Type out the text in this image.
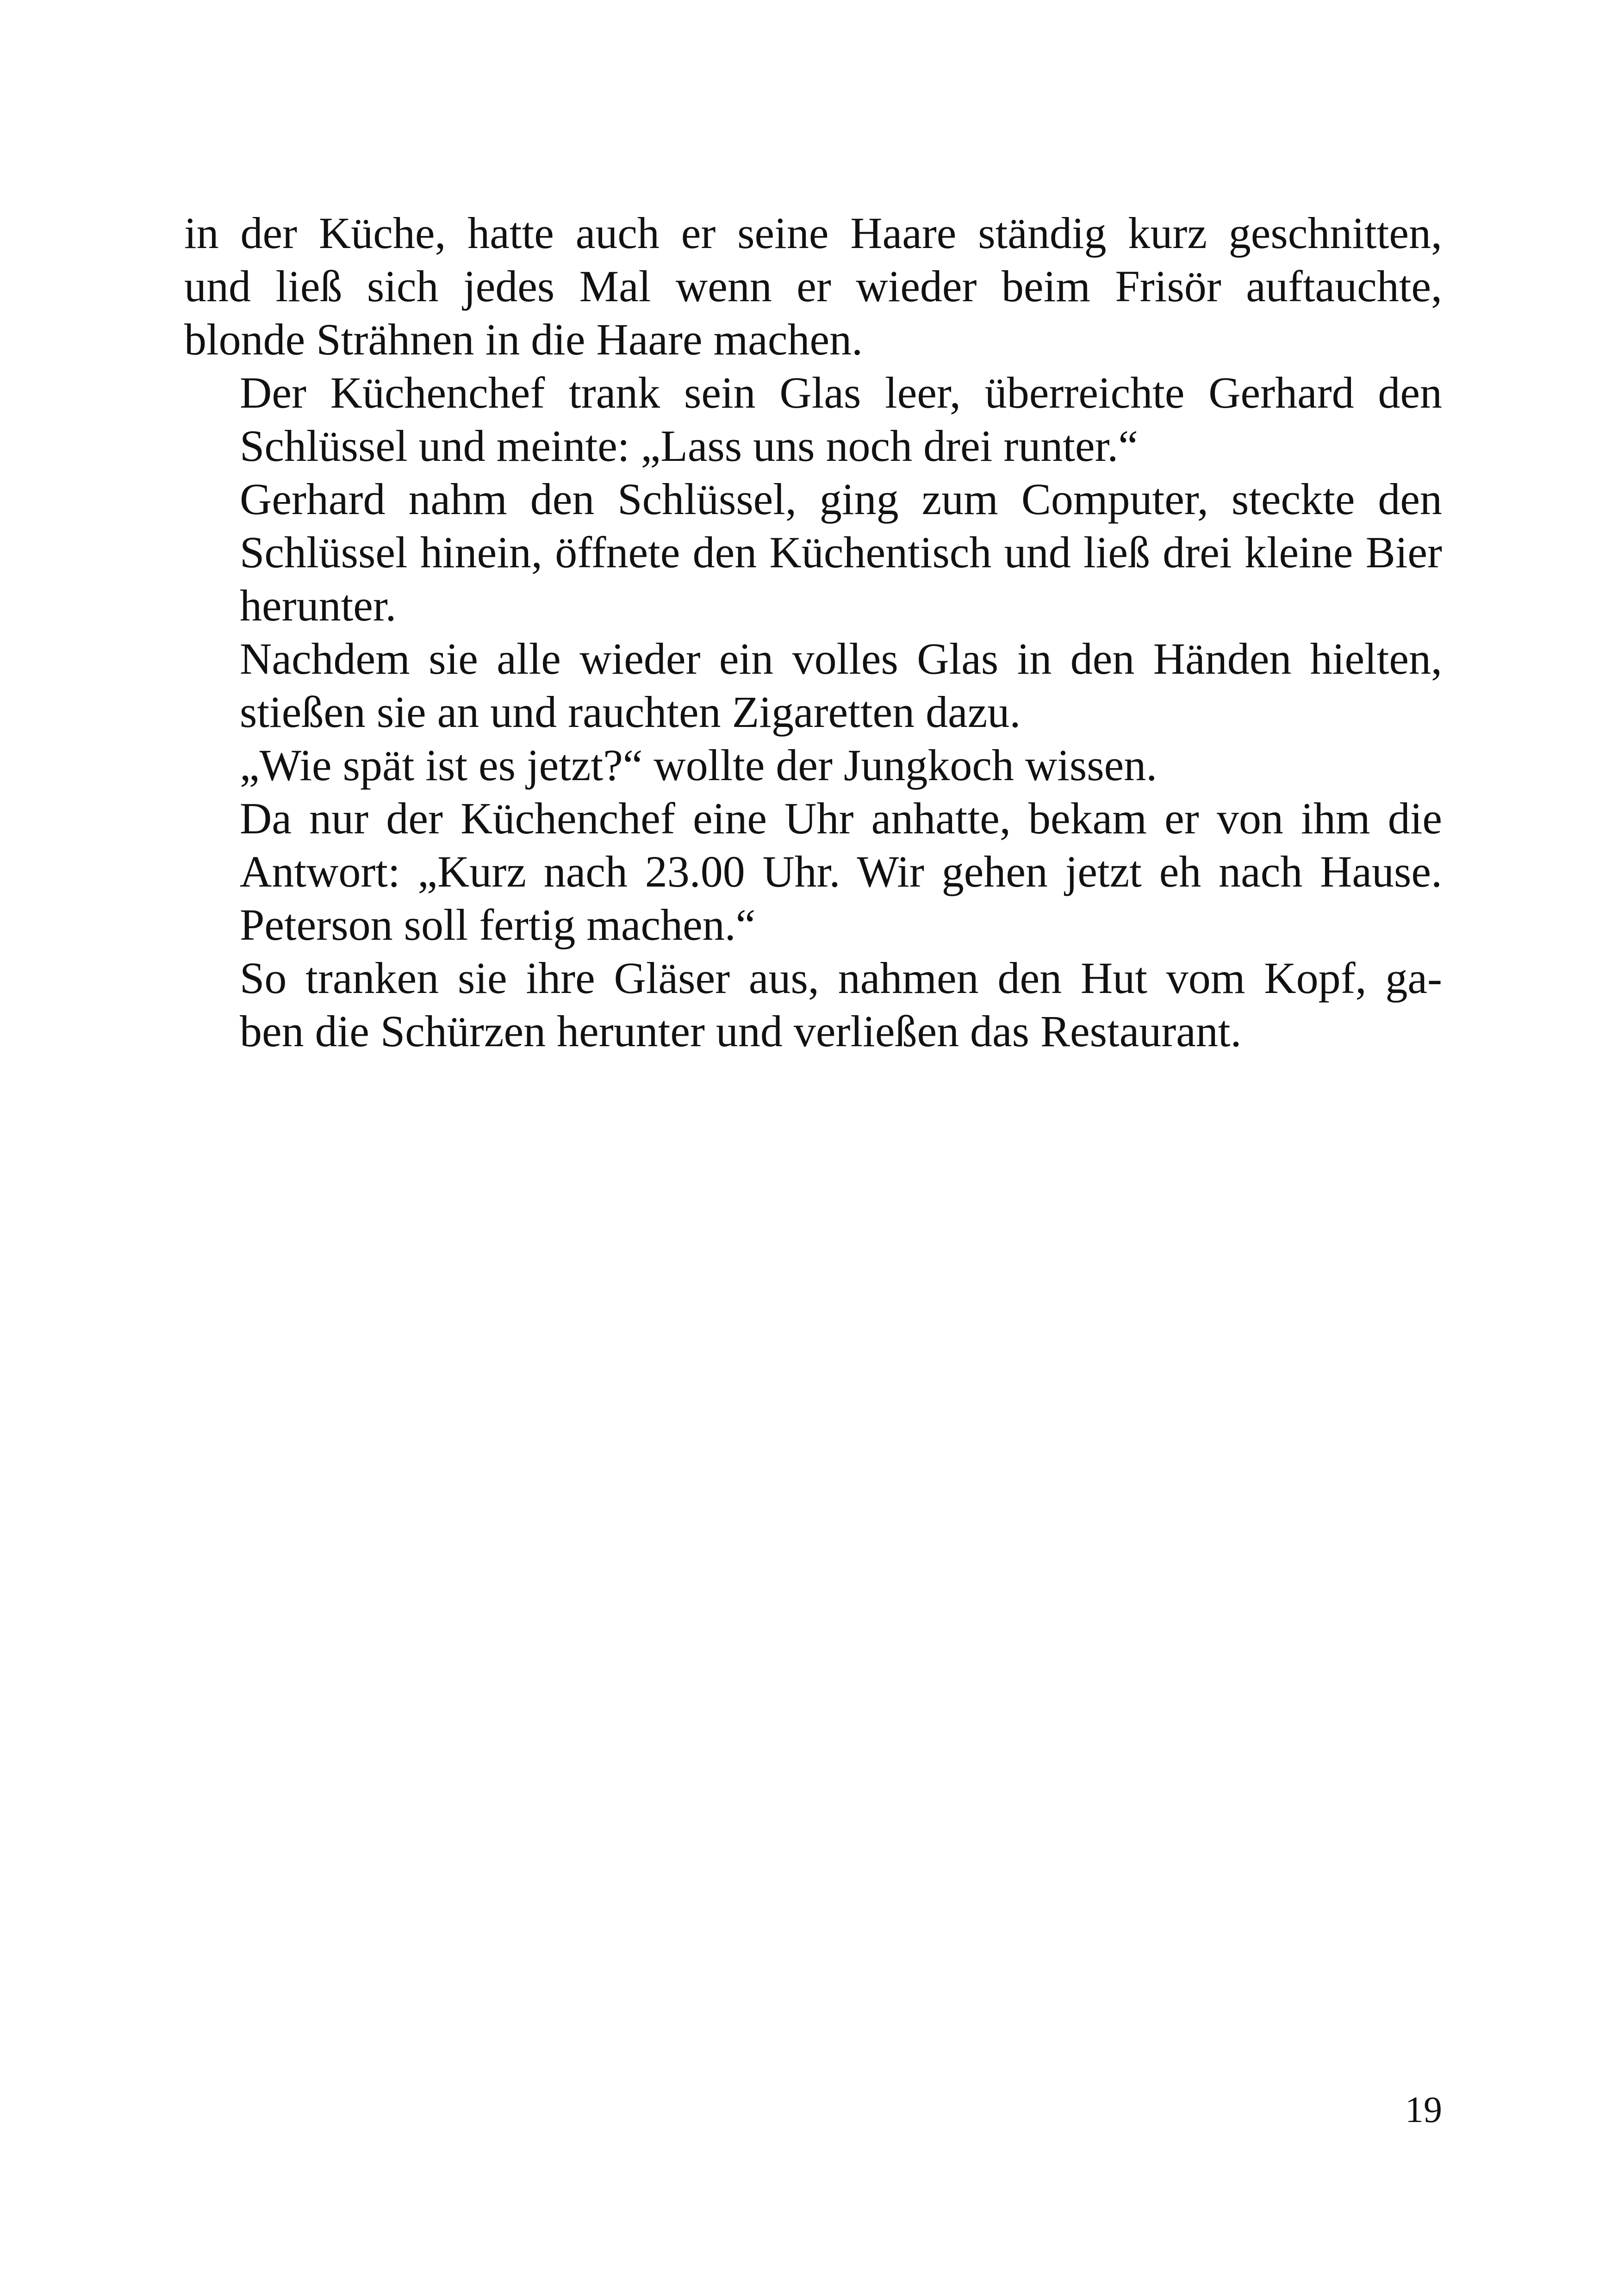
in der Küche, hatte auch er seine Haare ständig kurz geschnitten,
und ließ sich jedes Mal wenn er wieder beim Frisör auftauchte,
blonde Strähnen in die Haare machen.

Der Küchenchef trank sein Glas leer, überreichte Gerhard den
Schlüssel und meinte: „Lass uns noch drei runter.“

Gerhard nahm den Schlüssel, ging zum Computer, steckte den
Schlüssel hinein, öffnete den Küchentisch und ließ drei kleine Bier
herunter.

Nachdem sie alle wieder ein volles Glas in den Händen hielten,
stießen sie an und rauchten Zigaretten dazu.

„Wie spät ist es jetzt?“ wollte der Jungkoch wissen.

Da nur der Küchenchef eine Uhr anhatte, bekam er von ihm die
Antwort: „Kurz nach 23.00 Uhr. Wir gehen jetzt eh nach Hause.
Peterson soll fertig machen.“

So tranken sie ihre Gläser aus, nahmen den Hut vom Kopf, ga-
ben die Schürzen herunter und verließen das Restaurant.

19
